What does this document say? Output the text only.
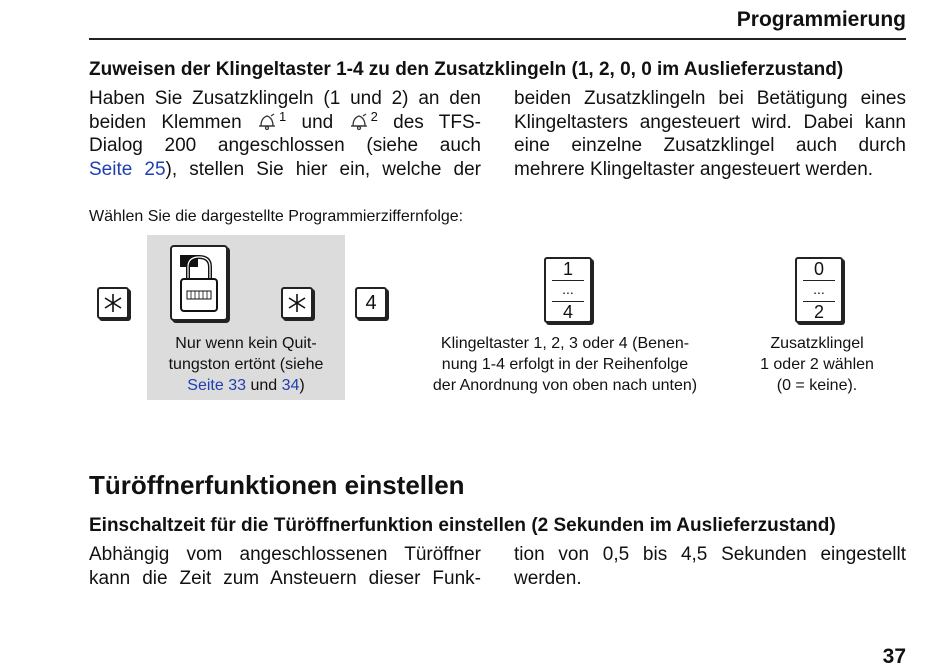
Programmierung
Zuweisen der Klingeltaster 1-4 zu den Zusatzklingeln (1, 2, 0, 0 im Auslieferzustand)
Haben Sie Zusatzklingeln (1 und 2) an den
beiden Klemmen $^1$ und $^2$ des TFS-
Dialog 200 angeschlossen (siehe auch
Seite 25), stellen Sie hier ein, welche der
beiden Zusatzklingeln bei Betätigung eines
Klingeltasters angesteuert wird. Dabei kann
eine einzelne Zusatzklingel auch durch
mehrere Klingeltaster angesteuert werden.
Wählen Sie die dargestellte Programmierziffernfolge:
4
Nur wenn kein Quit-
tungston ertönt (siehe
Seite 33 und 34)
1
...
4
Klingeltaster 1, 2, 3 oder 4 (Benen-
nung 1-4 erfolgt in der Reihenfolge
der Anordnung von oben nach unten)
0
...
2
Zusatzklingel
1 oder 2 wählen
(0 = keine).
Türöffnerfunktionen einstellen
Einschaltzeit für die Türöffnerfunktion einstellen (2 Sekunden im Auslieferzustand)
Abhängig vom angeschlossenen Türöffner
kann die Zeit zum Ansteuern dieser Funk-
tion von 0,5 bis 4,5 Sekunden eingestellt
werden.
37
